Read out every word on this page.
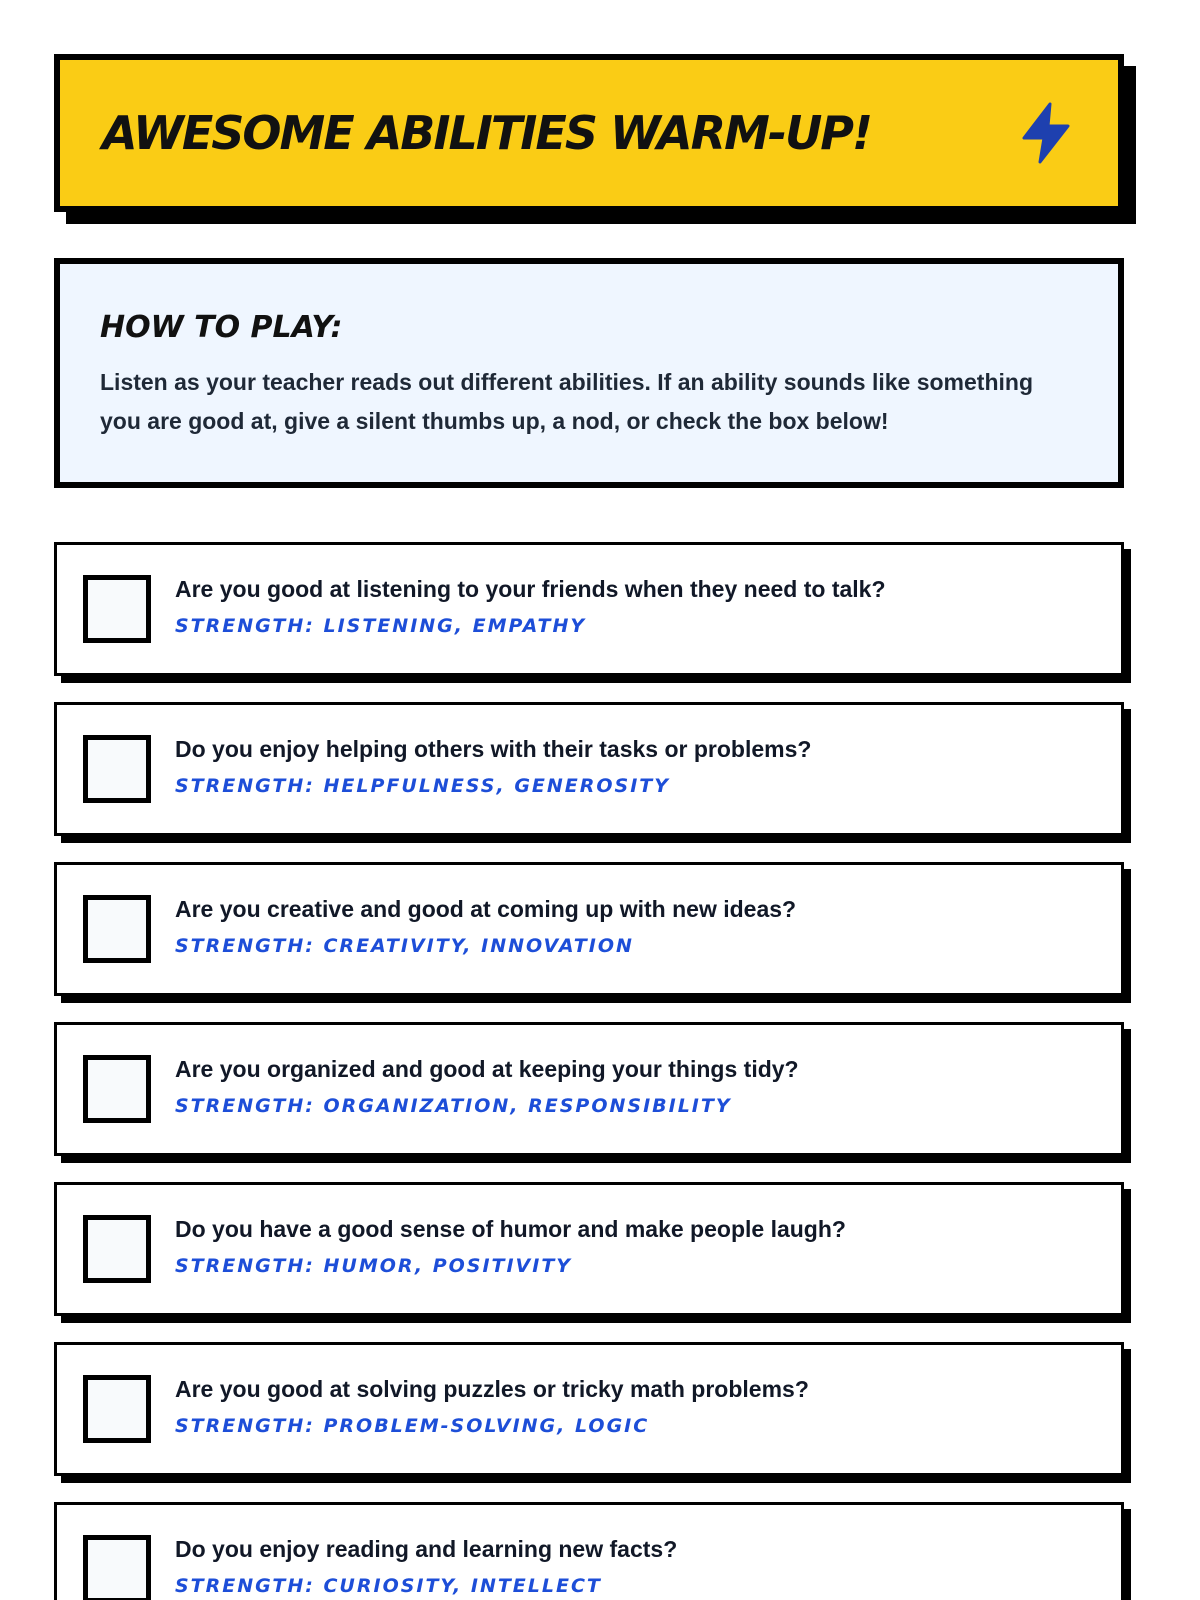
AWESOME ABILITIES WARM-UP!
HOW TO PLAY:

Listen as your teacher reads out different abilities. If an ability sounds like something you are good at, give a silent thumbs up, a nod, or check the box below!

Are you good at listening to your friends when they need to talk?
STRENGTH: LISTENING, EMPATHY
Do you enjoy helping others with their tasks or problems?
STRENGTH: HELPFULNESS, GENEROSITY
Are you creative and good at coming up with new ideas?
STRENGTH: CREATIVITY, INNOVATION
Are you organized and good at keeping your things tidy?
STRENGTH: ORGANIZATION, RESPONSIBILITY
Do you have a good sense of humor and make people laugh?
STRENGTH: HUMOR, POSITIVITY
Are you good at solving puzzles or tricky math problems?
STRENGTH: PROBLEM-SOLVING, LOGIC
Do you enjoy reading and learning new facts?
STRENGTH: CURIOSITY, INTELLECT
